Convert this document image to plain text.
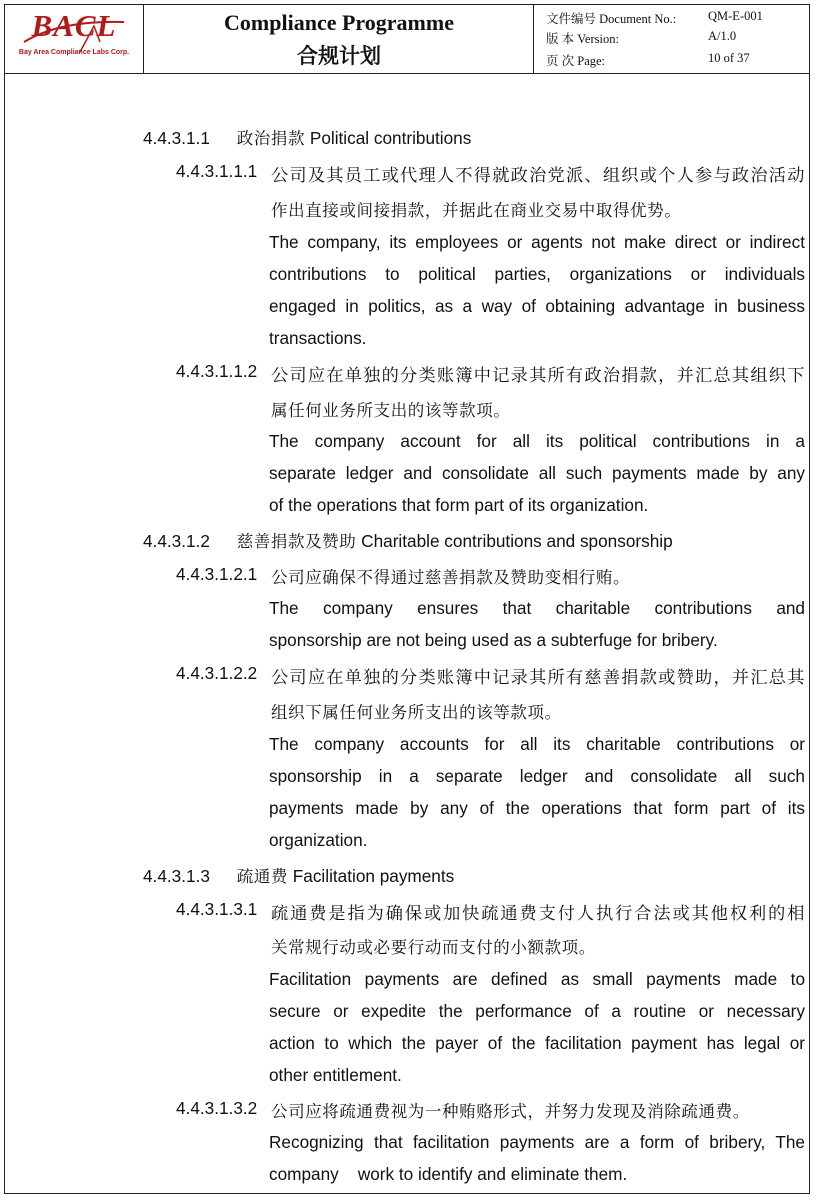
BACL
Bay Area Compliance Labs Corp.
Compliance Programme
合规计划
文件编号 Document No.:	QM-E-001
版 本 Version:	A/1.0
页 次 Page:	10 of 37
4.4.3.1.1 政治捐款 Political contributions
4.4.3.1.1.1 公司及其员工或代理人不得就政治党派、组织或个人参与政治活动
作出直接或间接捐款，并据此在商业交易中取得优势。
The company, its employees or agents not make direct or indirect
contributions to political parties, organizations or individuals
engaged in politics, as a way of obtaining advantage in business
transactions.
4.4.3.1.1.2 公司应在单独的分类账簿中记录其所有政治捐款，并汇总其组织下
属任何业务所支出的该等款项。
The company account for all its political contributions in a
separate ledger and consolidate all such payments made by any
of the operations that form part of its organization.
4.4.3.1.2 慈善捐款及赞助 Charitable contributions and sponsorship
4.4.3.1.2.1 公司应确保不得通过慈善捐款及赞助变相行贿。
The company ensures that charitable contributions and
sponsorship are not being used as a subterfuge for bribery.
4.4.3.1.2.2 公司应在单独的分类账簿中记录其所有慈善捐款或赞助，并汇总其
组织下属任何业务所支出的该等款项。
The company accounts for all its charitable contributions or
sponsorship in a separate ledger and consolidate all such
payments made by any of the operations that form part of its
organization.
4.4.3.1.3 疏通费 Facilitation payments
4.4.3.1.3.1 疏通费是指为确保或加快疏通费支付人执行合法或其他权利的相
关常规行动或必要行动而支付的小额款项。
Facilitation payments are defined as small payments made to
secure or expedite the performance of a routine or necessary
action to which the payer of the facilitation payment has legal or
other entitlement.
4.4.3.1.3.2 公司应将疏通费视为一种贿赂形式，并努力发现及消除疏通费。
Recognizing that facilitation payments are a form of bribery, The
company    work to identify and eliminate them.
